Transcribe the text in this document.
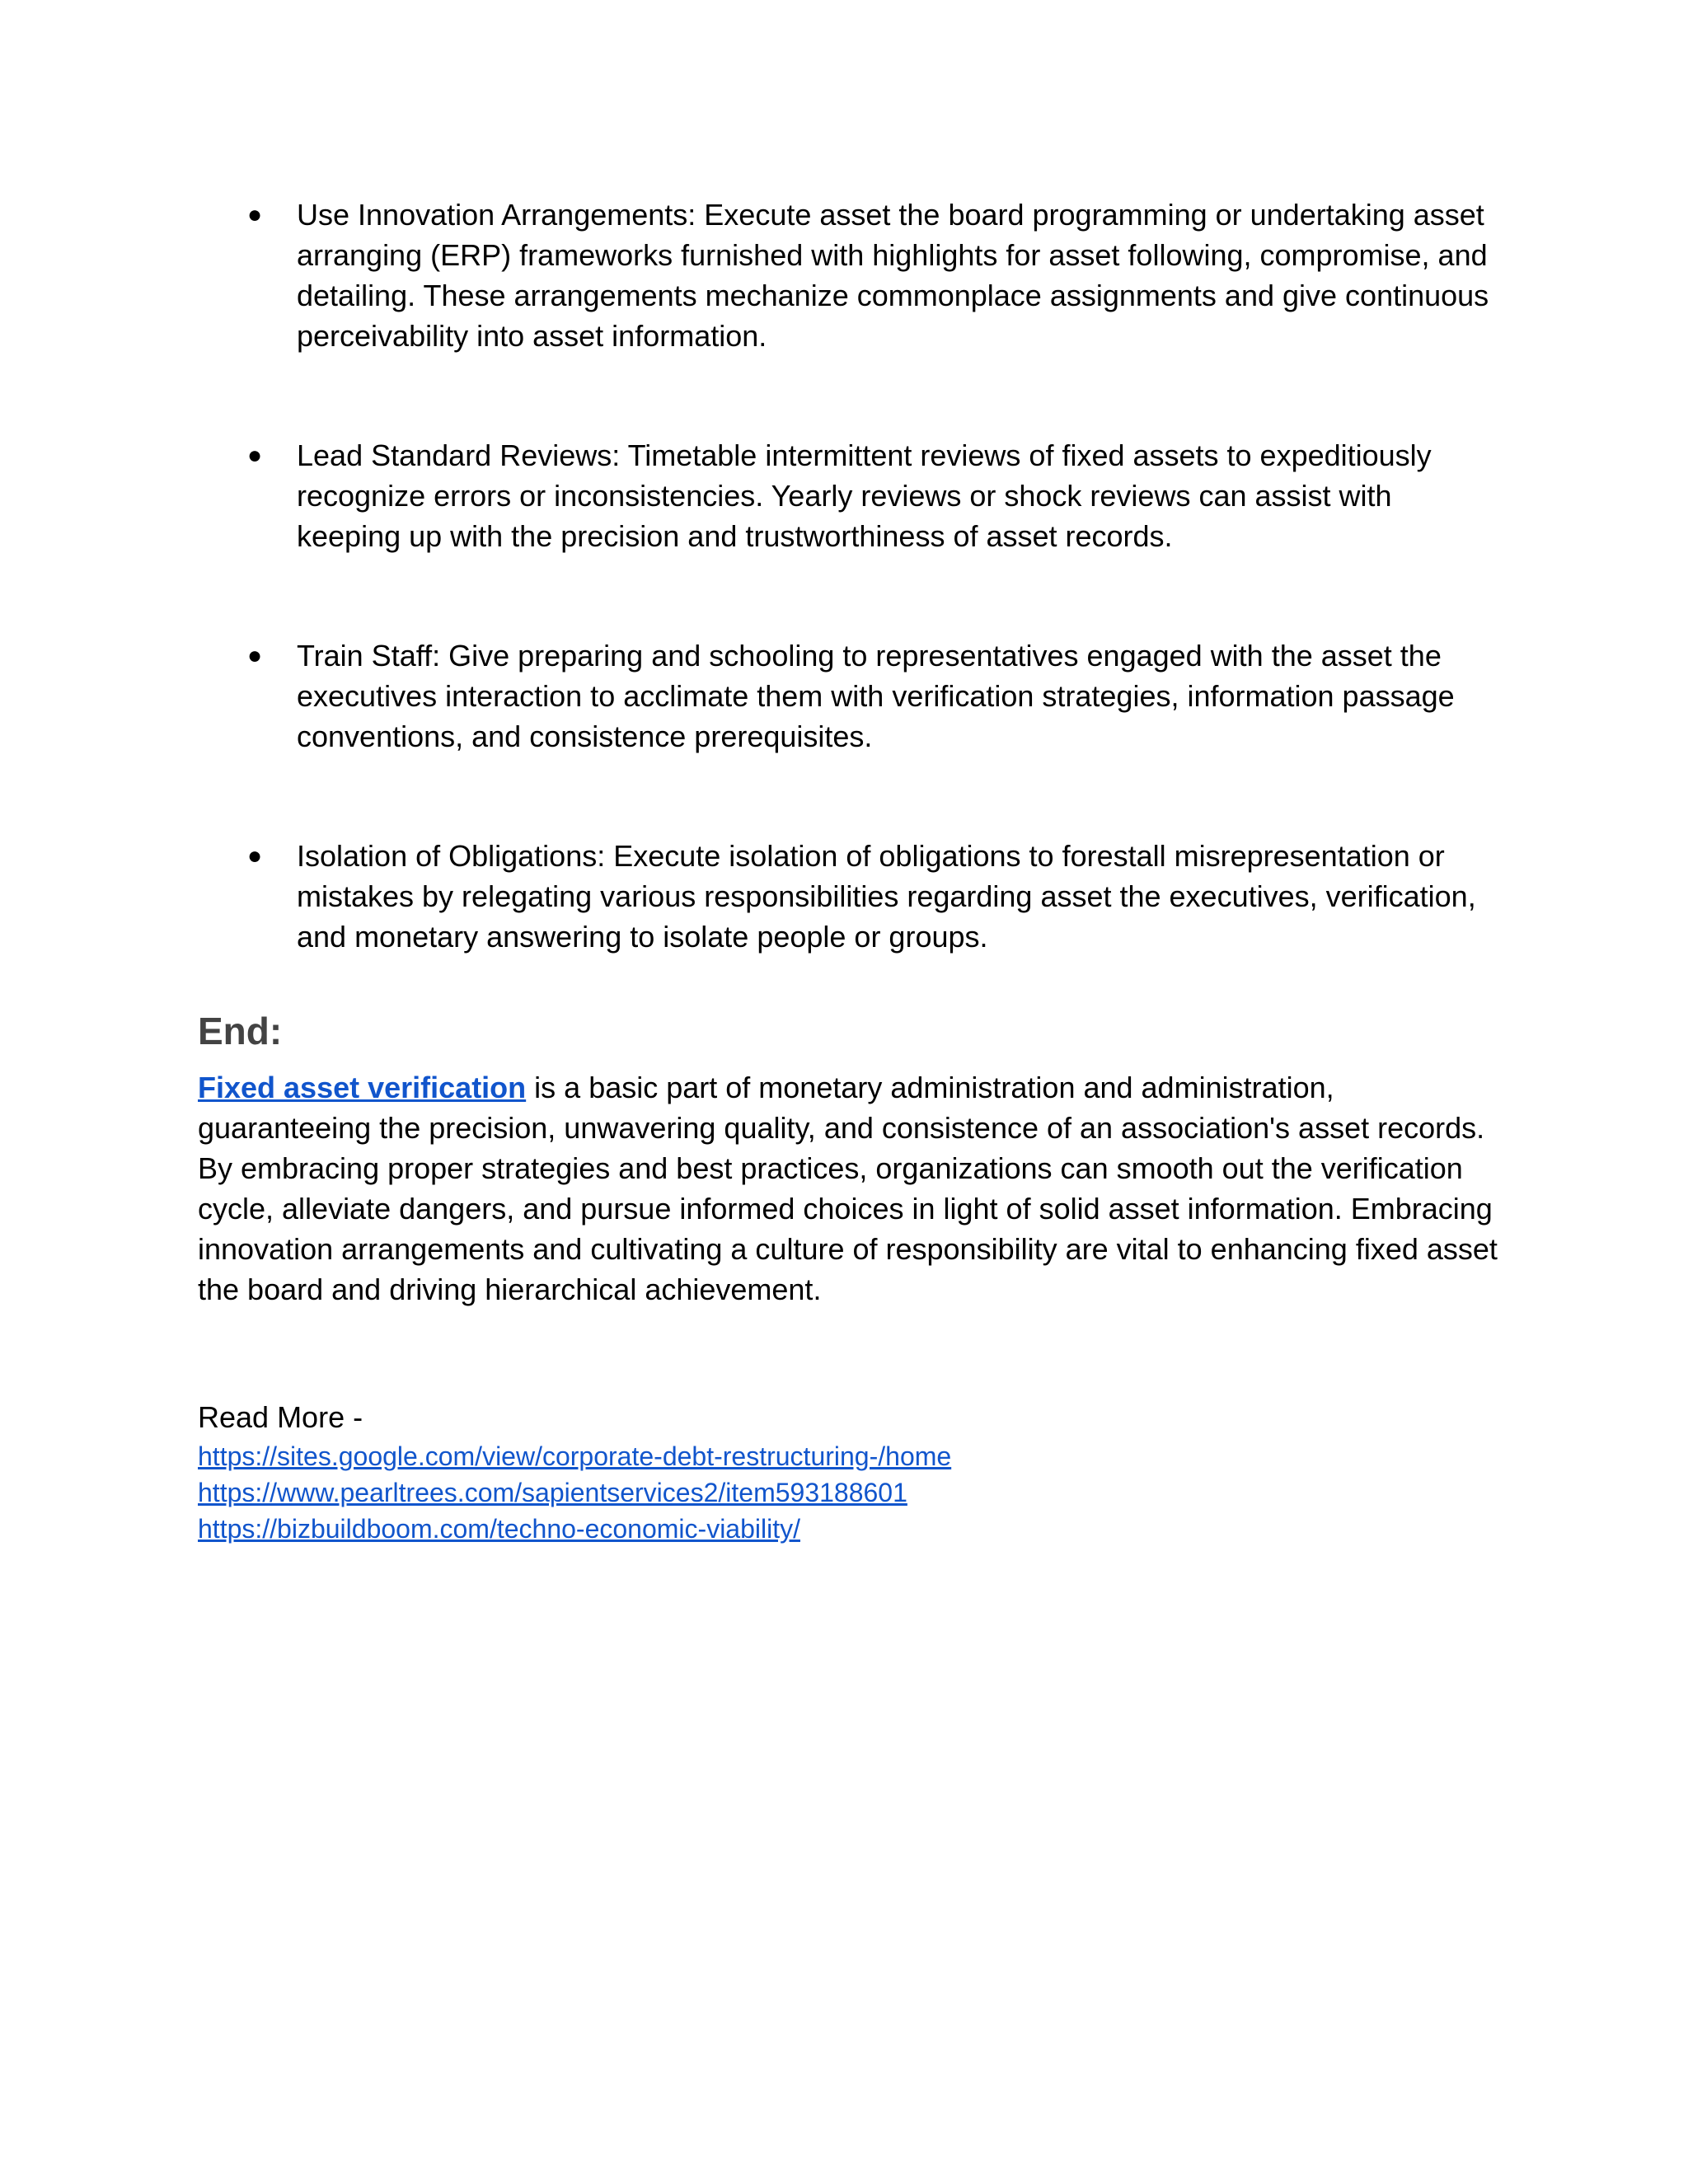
●	Use Innovation Arrangements: Execute asset the board programming or undertaking asset arranging (ERP) frameworks furnished with highlights for asset following, compromise, and detailing. These arrangements mechanize commonplace assignments and give continuous perceivability into asset information.
●	Lead Standard Reviews: Timetable intermittent reviews of fixed assets to expeditiously recognize errors or inconsistencies. Yearly reviews or shock reviews can assist with keeping up with the precision and trustworthiness of asset records.
●	Train Staff: Give preparing and schooling to representatives engaged with the asset the executives interaction to acclimate them with verification strategies, information passage conventions, and consistence prerequisites.
●	Isolation of Obligations: Execute isolation of obligations to forestall misrepresentation or mistakes by relegating various responsibilities regarding asset the executives, verification, and monetary answering to isolate people or groups.
End:

Fixed asset verification is a basic part of monetary administration and administration, guaranteeing the precision, unwavering quality, and consistence of an association's asset records. By embracing proper strategies and best practices, organizations can smooth out the verification cycle, alleviate dangers, and pursue informed choices in light of solid asset information. Embracing innovation arrangements and cultivating a culture of responsibility are vital to enhancing fixed asset the board and driving hierarchical achievement.

Read More -

https://sites.google.com/view/corporate-debt-restructuring-/home
https://www.pearltrees.com/sapientservices2/item593188601
https://bizbuildboom.com/techno-economic-viability/
